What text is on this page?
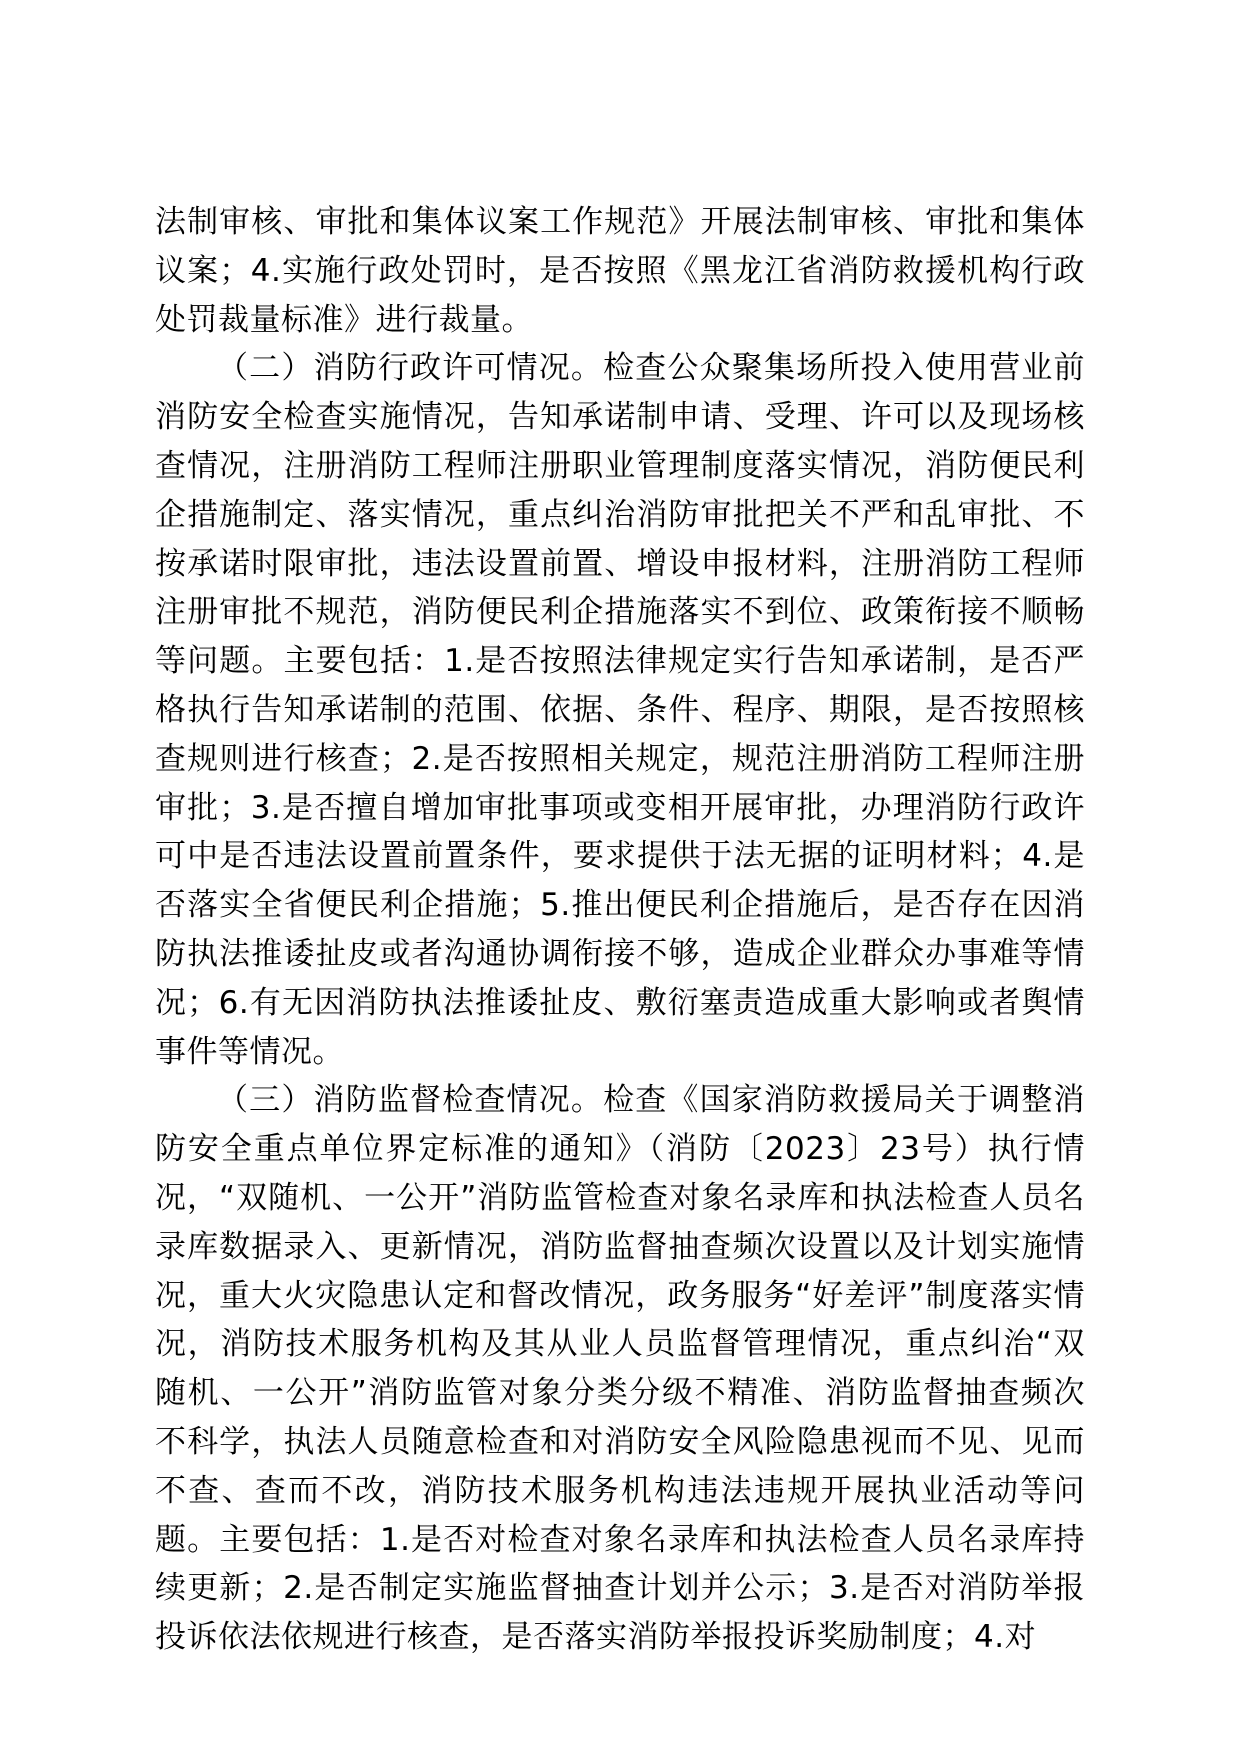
法制审核、审批和集体议案工作规范》开展法制审核、审批和集体议案；4.实施行政处罚时，是否按照《黑龙江省消防救援机构行政处罚裁量标准》进行裁量。

（二）消防行政许可情况。检查公众聚集场所投入使用营业前消防安全检查实施情况，告知承诺制申请、受理、许可以及现场核查情况，注册消防工程师注册职业管理制度落实情况，消防便民利企措施制定、落实情况，重点纠治消防审批把关不严和乱审批、不按承诺时限审批，违法设置前置、增设申报材料，注册消防工程师注册审批不规范，消防便民利企措施落实不到位、政策衔接不顺畅等问题。主要包括：1.是否按照法律规定实行告知承诺制，是否严格执行告知承诺制的范围、依据、条件、程序、期限，是否按照核查规则进行核查；2.是否按照相关规定，规范注册消防工程师注册审批；3.是否擅自增加审批事项或变相开展审批，办理消防行政许可中是否违法设置前置条件，要求提供于法无据的证明材料；4.是否落实全省便民利企措施；5.推出便民利企措施后，是否存在因消防执法推诿扯皮或者沟通协调衔接不够，造成企业群众办事难等情况；6.有无因消防执法推诿扯皮、敷衍塞责造成重大影响或者舆情事件等情况。

（三）消防监督检查情况。检查《国家消防救援局关于调整消防安全重点单位界定标准的通知》（消防〔2023〕23号）执行情况，“双随机、一公开”消防监管检查对象名录库和执法检查人员名录库数据录入、更新情况，消防监督抽查频次设置以及计划实施情况，重大火灾隐患认定和督改情况，政务服务“好差评”制度落实情况，消防技术服务机构及其从业人员监督管理情况，重点纠治“双随机、一公开”消防监管对象分类分级不精准、消防监督抽查频次不科学，执法人员随意检查和对消防安全风险隐患视而不见、见而不查、查而不改，消防技术服务机构违法违规开展执业活动等问题。主要包括：1.是否对检查对象名录库和执法检查人员名录库持续更新；2.是否制定实施监督抽查计划并公示；3.是否对消防举报投诉依法依规进行核查，是否落实消防举报投诉奖励制度；4.对
